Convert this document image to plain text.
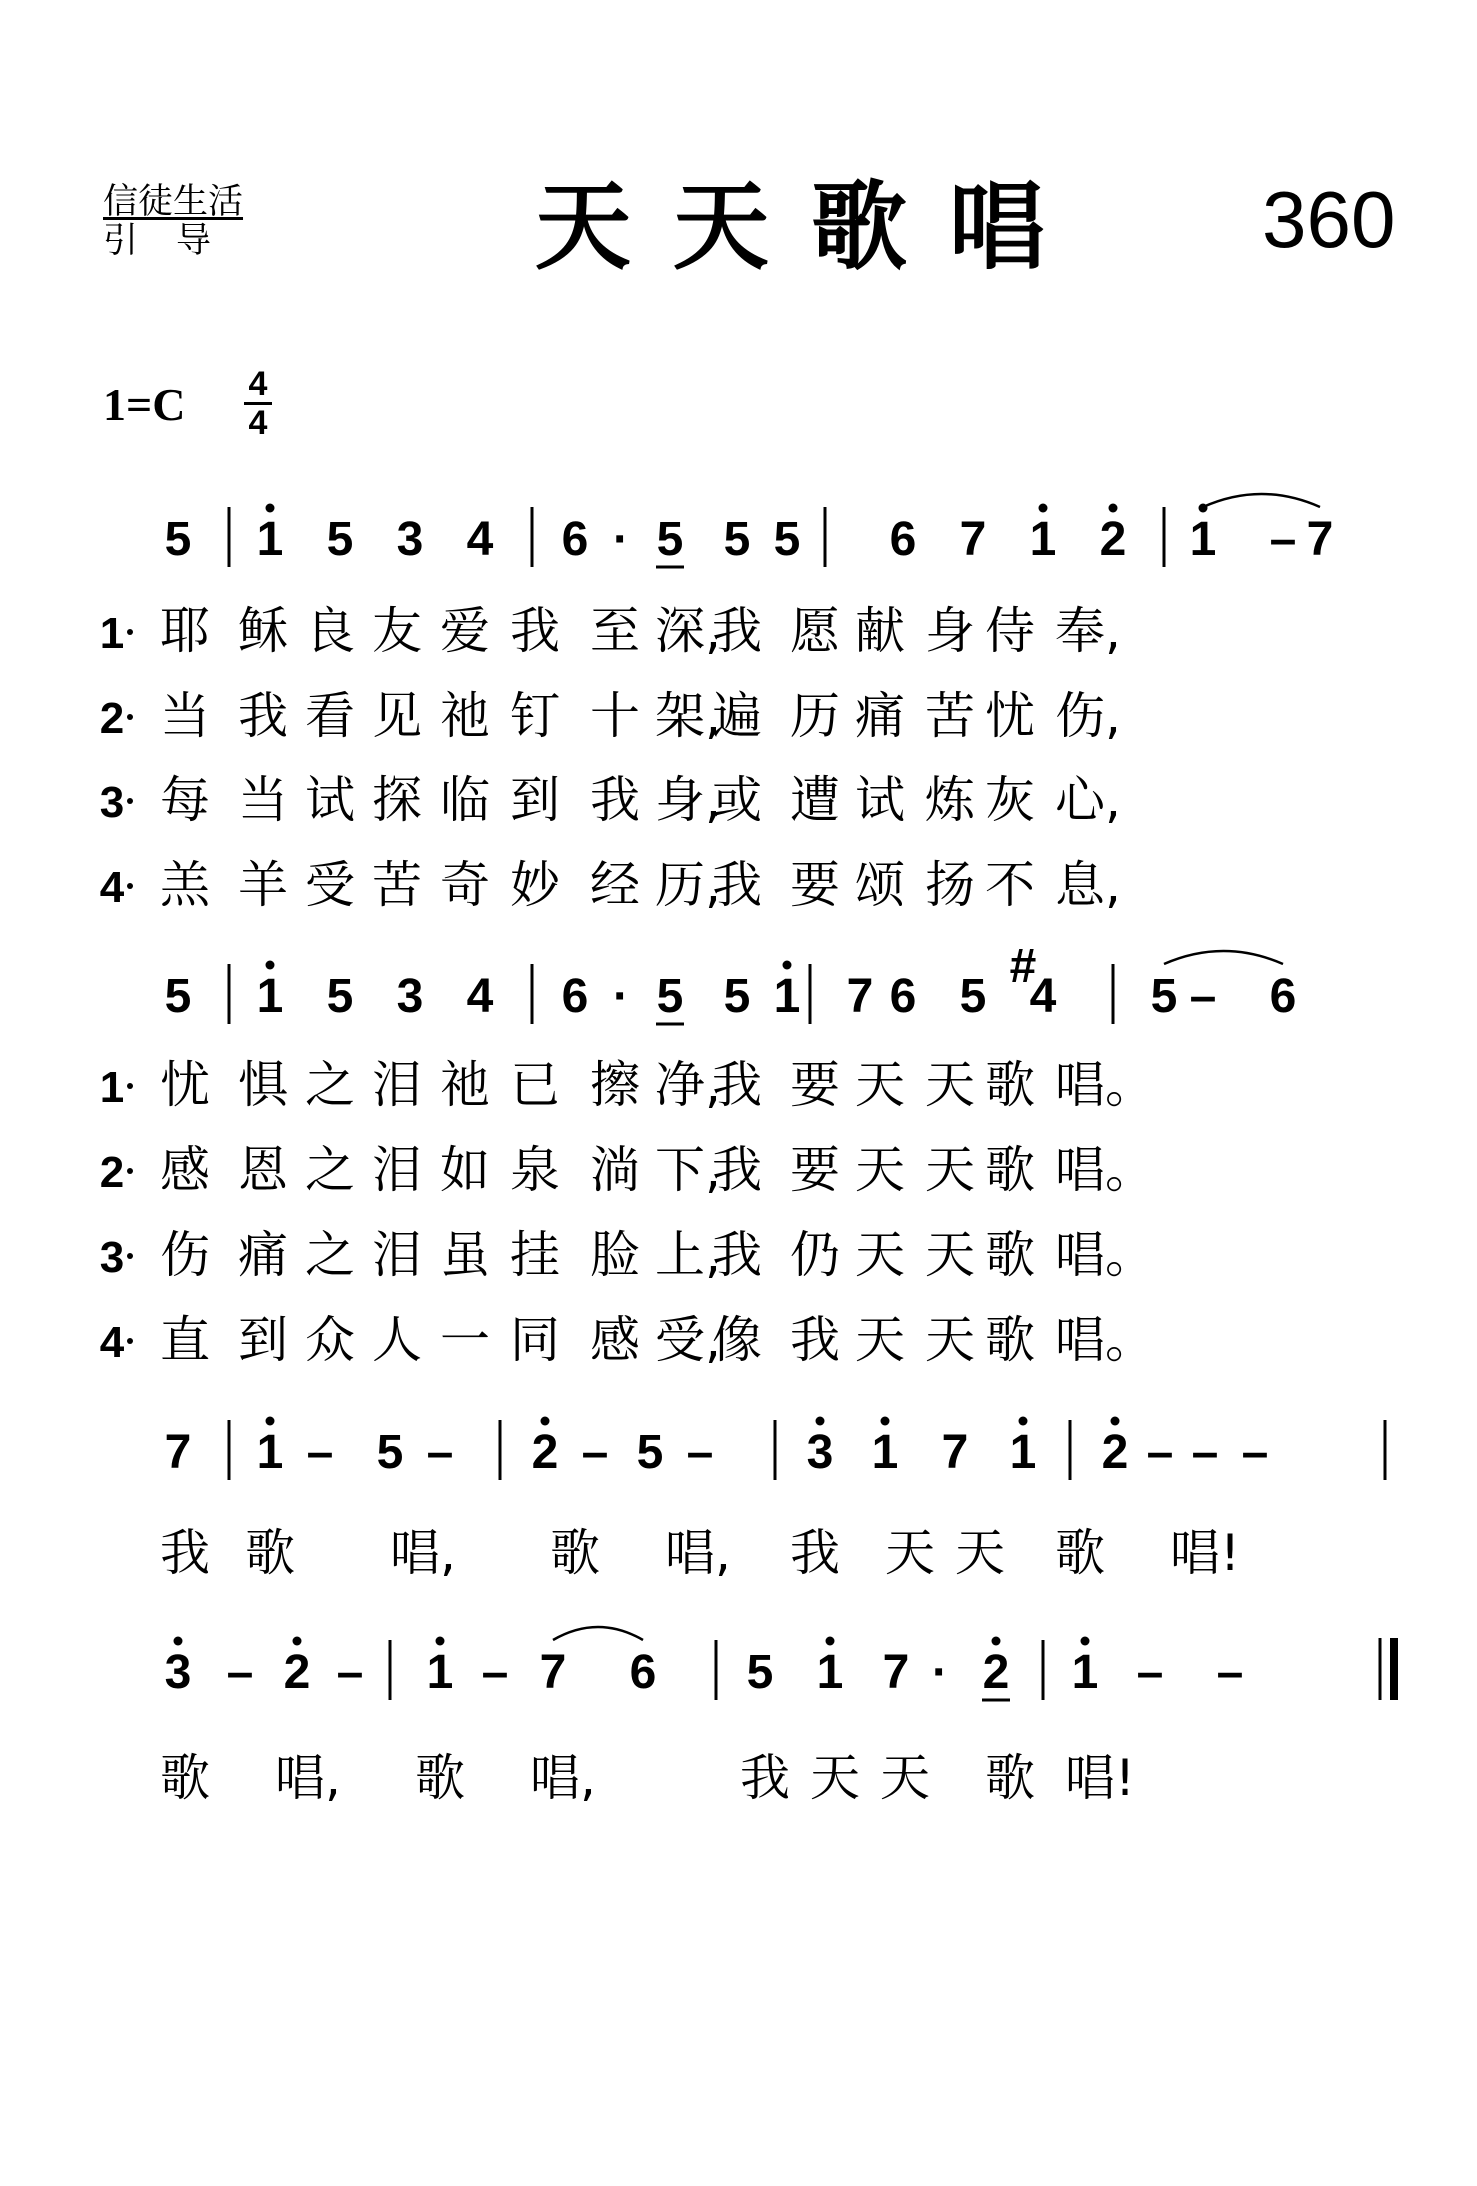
信徒生活
引导	天天歌唱 360
1=C 4
4
5 1 5 3 4 6 · 5 5 5 6 7 1 2 1 – 7
1 耶 稣 良 友 爱 我 至 深,
我 愿 献 身 侍 奉,
2 当 我 看 见 祂 钉 十 架,
遍 历 痛 苦 忧 伤,
3 每 当 试 探 临 到 我 身,
或 遭 试 炼 灰 心,
4 羔 羊 受 苦 奇 妙 经 历,
我 要 颂 扬 不 息,
5 1 5 3 4 6 · 5 5 1 7 6 5 4
#
5 – 6
1 忧 惧 之 泪 祂 已 擦 净,
我 要 天 天 歌 唱。
2 感 恩 之 泪 如 泉 淌 下,
我 要 天 天 歌 唱。
3 伤 痛 之 泪 虽 挂 脸 上,
我 仍 天 天 歌 唱。
4 直 到 众 人 一 同 感 受,
像 我 天 天 歌 唱。
7 1 – 5 – 2 – 5 – 3 1 7 1 2 – – –
我 歌 唱, 歌 唱, 我 天 天 歌 唱!
3 – 2 – 1 – 7 6 5 1 7 · 2 1 – –
歌 唱, 歌 唱,	我 天 天 歌 唱!
